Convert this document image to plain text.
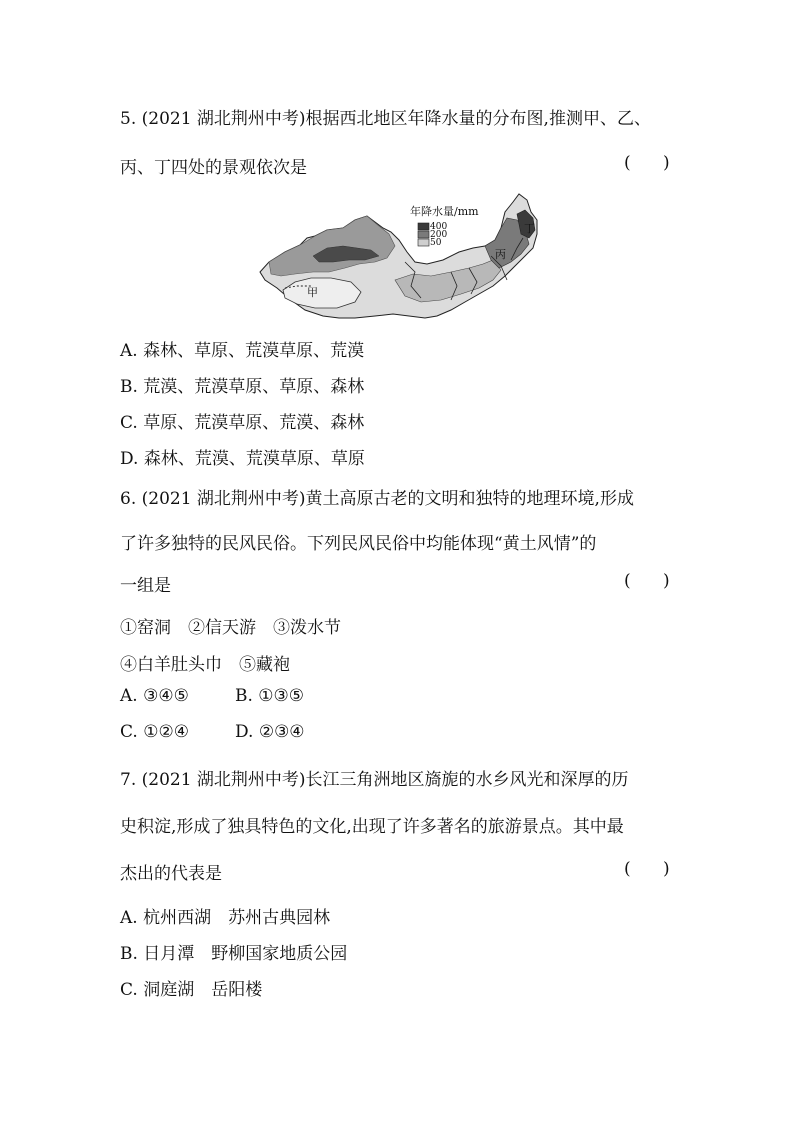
5. (2021 湖北荆州中考)根据西北地区年降水量的分布图,推测甲、乙、
丙、丁四处的景观依次是	(      )
年降水量/mm
400
200
50
甲
丙
丁
A. 森林、草原、荒漠草原、荒漠
B. 荒漠、荒漠草原、草原、森林
C. 草原、荒漠草原、荒漠、森林
D. 森林、荒漠、荒漠草原、草原
6. (2021 湖北荆州中考)黄土高原古老的文明和独特的地理环境,形成
了许多独特的民风民俗。下列民风民俗中均能体现“黄土风情”的
一组是	(      )
①窑洞　②信天游　③泼水节
④白羊肚头巾　⑤藏袍
A. ③④⑤	B. ①③⑤
C. ①②④	D. ②③④
7. (2021 湖北荆州中考)长江三角洲地区旖旎的水乡风光和深厚的历
史积淀,形成了独具特色的文化,出现了许多著名的旅游景点。其中最
杰出的代表是	(      )
A. 杭州西湖　苏州古典园林
B. 日月潭　野柳国家地质公园
C. 洞庭湖　岳阳楼
